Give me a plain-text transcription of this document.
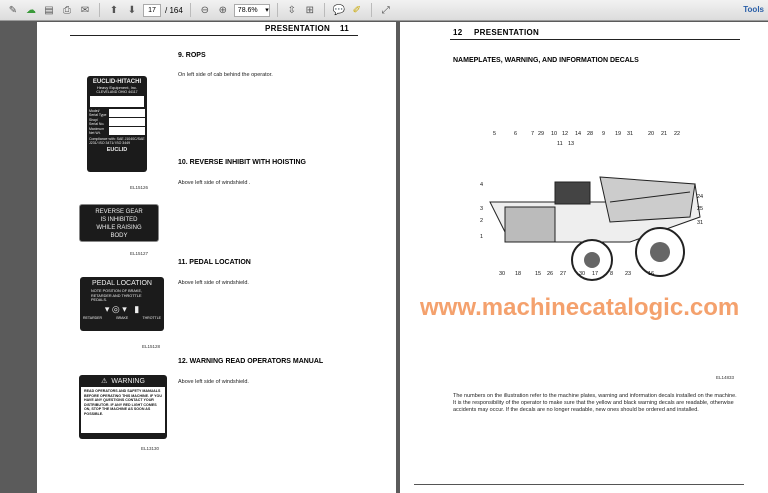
✎ ☁ ▤ ⎙ ✉ ⬆ ⬇	17	/ 164 ⊖ ⊕	78.6% ▾ ⇳ ⊞ 💬 ✐	⤢	Tools
PRESENTATION 11
9. ROPS
On left side of cab behind the operator.
EUCLID-HITACHI
Heavy Equipment, Inc.
CLEVELAND OHIO 44117
Model/ Serial Type
Shop/ Serial No.
Maximum Net Wt.
Compliance with: SAE J1040C/SAE J231/ ISO 3471/ ISO 3449
EUCLID
EL15126
10. REVERSE INHIBIT WITH HOISTING
Above left side of windshield .
REVERSE GEAR
IS INHIBITED
WHILE RAISING
BODY
EL15127
11. PEDAL LOCATION
Above left side of windshield.
PEDAL LOCATION
NOTE POSITION OF BRAKE, RETARDER AND THROTTLE PEDALS.
▾ ◎ ▾   ▮
RETARDER	BRAKE	THROTTLE
EL15128
12. WARNING READ OPERATORS MANUAL
Above left side of windshield.
⚠ WARNING
READ OPERATORS AND SAFETY MANUALS BEFORE OPERATING THIS MACHINE. IF YOU HAVE ANY QUESTIONS CONTACT YOUR DISTRIBUTOR. IF ANY RED LIGHT COMES ON, STOP THE MACHINE AS SOON AS POSSIBLE.
EL13130
12 PRESENTATION
NAMEPLATES, WARNING, AND INFORMATION DECALS
5	6	7 29 10 12 14 28 9 19 31	20 21 22
11 13
4
3
2
1
24
25
31
30 18	15 26 27 30 17 8 23	16
EL14833

The numbers on the illustration refer to the machine plates, warning and information decals installed on the machine. It is the responsibility of the operator to make sure that the yellow and black warning decals are readable, otherwise accidents may occur. If the decals are no longer readable, new ones should be ordered and installed.

www.machinecatalogic.com
